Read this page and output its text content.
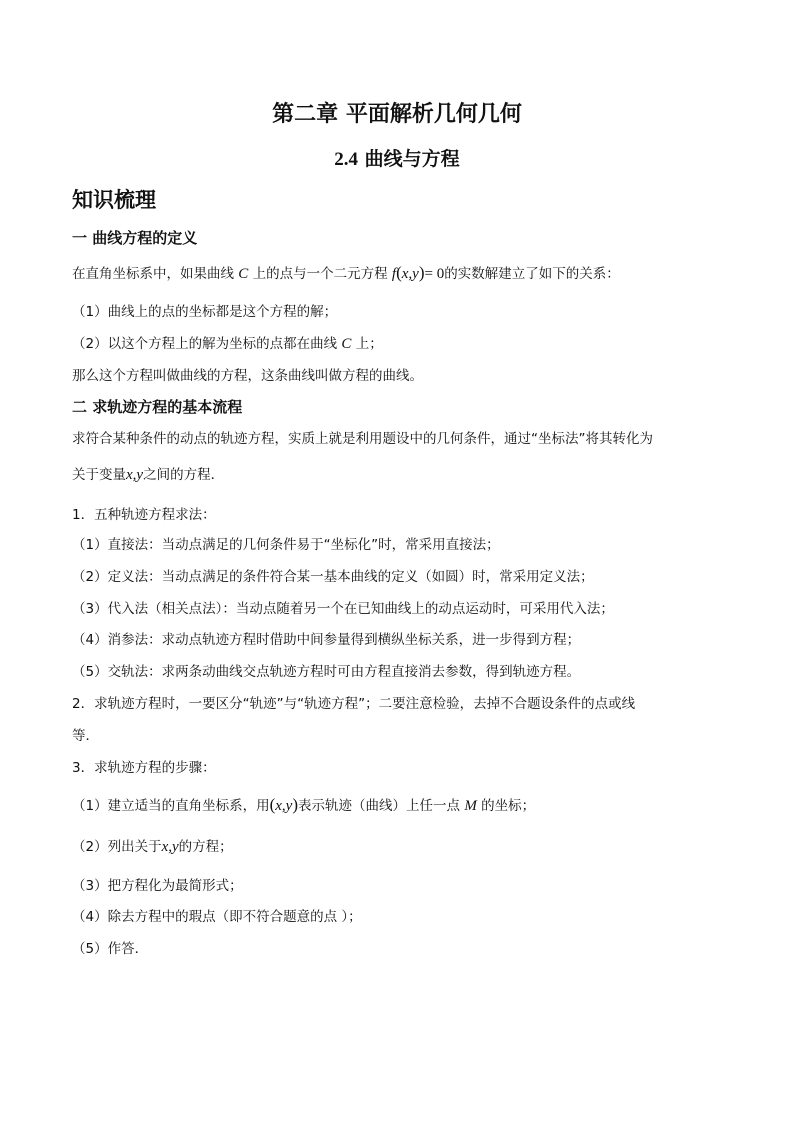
第二章 平面解析几何几何
2.4 曲线与方程
知识梳理
一 曲线方程的定义
在直角坐标系中，如果曲线 C 上的点与一个二元方程 f(x,y)= 0的实数解建立了如下的关系：
（1）曲线上的点的坐标都是这个方程的解；
（2）以这个方程上的解为坐标的点都在曲线 C 上；
那么这个方程叫做曲线的方程，这条曲线叫做方程的曲线。
二 求轨迹方程的基本流程
求符合某种条件的动点的轨迹方程，实质上就是利用题设中的几何条件，通过“坐标法”将其转化为
关于变量x,y之间的方程．
1．五种轨迹方程求法：
（1）直接法：当动点满足的几何条件易于“坐标化”时，常采用直接法；
（2）定义法：当动点满足的条件符合某一基本曲线的定义（如圆）时，常采用定义法；
（3）代入法（相关点法）：当动点随着另一个在已知曲线上的动点运动时，可采用代入法；
（4）消参法：求动点轨迹方程时借助中间参量得到横纵坐标关系，进一步得到方程；
（5）交轨法：求两条动曲线交点轨迹方程时可由方程直接消去参数，得到轨迹方程。
2．求轨迹方程时，一要区分“轨迹”与“轨迹方程”；二要注意检验，去掉不合题设条件的点或线
等．
3．求轨迹方程的步骤：
（1）建立适当的直角坐标系，用(x,y)表示轨迹（曲线）上任一点 M 的坐标；
（2）列出关于x,y的方程；
（3）把方程化为最简形式；
（4）除去方程中的瑕点（即不符合题意的点 ）；
（5）作答．
